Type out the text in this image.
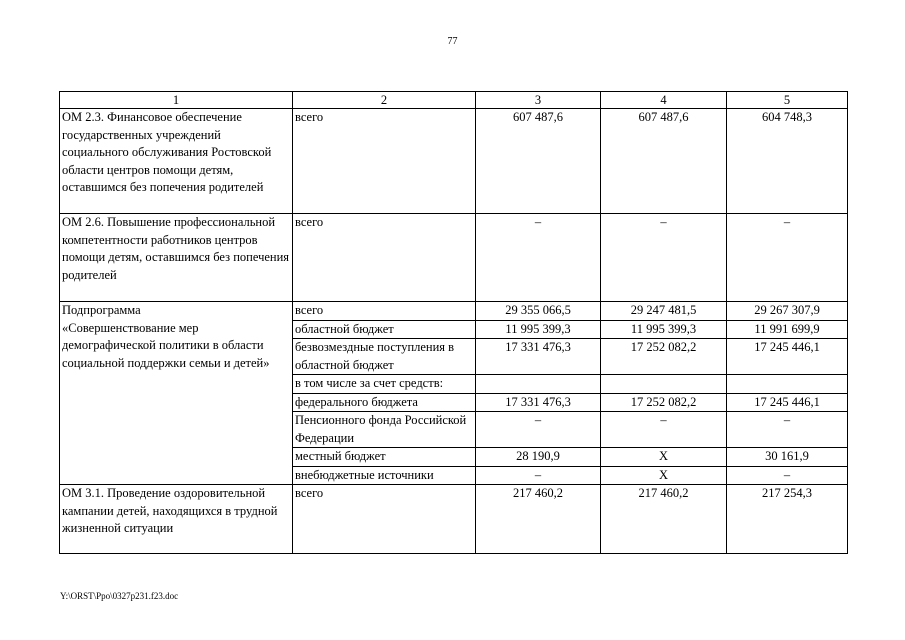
77
1	2	3	4	5
ОМ 2.3. Финансовое обеспечение государственных учреждений социального обслуживания Ростовской области центров помощи детям, оставшимся без попечения родителей	всего	607 487,6	607 487,6	604 748,3
ОМ 2.6. Повышение профессиональной компетентности работников центров помощи детям, оставшимся без попечения родителей	всего	–	–	–
Подпрограмма
«Совершенствование мер демографической политики в области социальной поддержки семьи и детей»	всего	29 355 066,5	29 247 481,5	29 267 307,9
	областной бюджет	11 995 399,3	11 995 399,3	11 991 699,9
	безвозмездные поступления в областной бюджет	17 331 476,3	17 252 082,2	17 245 446,1
	в том числе за счет средств:			
	федерального бюджета	17 331 476,3	17 252 082,2	17 245 446,1
	Пенсионного фонда Российской Федерации	–	–	–
	местный бюджет	28 190,9	Х	30 161,9
	внебюджетные источники	–	Х	–
ОМ 3.1. Проведение оздоровительной кампании детей, находящихся в трудной жизненной ситуации	всего	217 460,2	217 460,2	217 254,3
Y:\ORST\Ppo\0327p231.f23.doc
